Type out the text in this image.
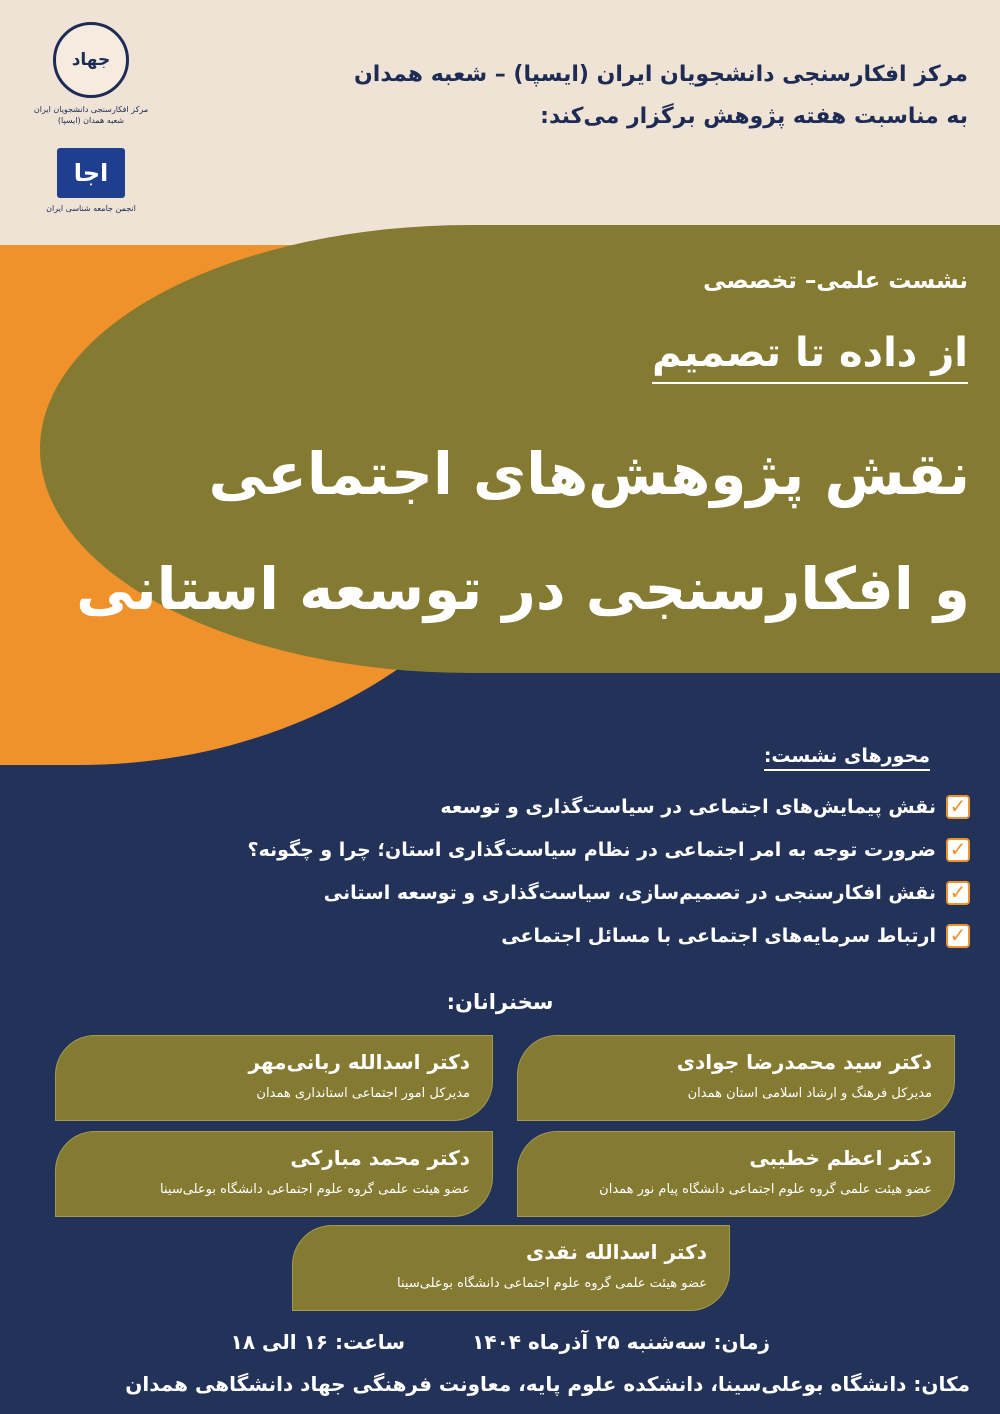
جهاد
مرکز افکارسنجی دانشجویان ایران
شعبه همدان (ایسپا)
اجا
انجمن جامعه شناسی ایران
مرکز افکارسنجی دانشجویان ایران (ایسپا) – شعبه همدان
به مناسبت هفته پژوهش برگزار می‌کند:
نشست علمی– تخصصی
از داده تا تصمیم
نقش پژوهش‌های اجتماعی
و افکارسنجی در توسعه استانی
محورهای نشست:
✓
نقش پیمایش‌های اجتماعی در سیاست‌گذاری و توسعه
✓
ضرورت توجه به امر اجتماعی در نظام سیاست‌گذاری استان؛ چرا و چگونه؟
✓
نقش افکارسنجی در تصمیم‌سازی، سیاست‌گذاری و توسعه استانی
✓
ارتباط سرمایه‌های اجتماعی با مسائل اجتماعی
سخنرانان:
دکتر سید محمدرضا جوادی
مدیرکل فرهنگ و ارشاد اسلامی استان همدان
دکتر اسدالله ربانی‌مهر
مدیرکل امور اجتماعی استانداری همدان
دکتر اعظم خطیبی
عضو هیئت علمی گروه علوم اجتماعی دانشگاه پیام نور همدان
دکتر محمد مبارکی
عضو هیئت علمی گروه علوم اجتماعی دانشگاه بوعلی‌سینا
دکتر اسدالله نقدی
عضو هیئت علمی گروه علوم اجتماعی دانشگاه بوعلی‌سینا
زمان: سه‌شنبه ۲۵ آذرماه ۱۴۰۴
ساعت: ۱۶ الی ۱۸
مکان: دانشگاه بوعلی‌سینا، دانشکده علوم پایه، معاونت فرهنگی جهاد دانشگاهی همدان
